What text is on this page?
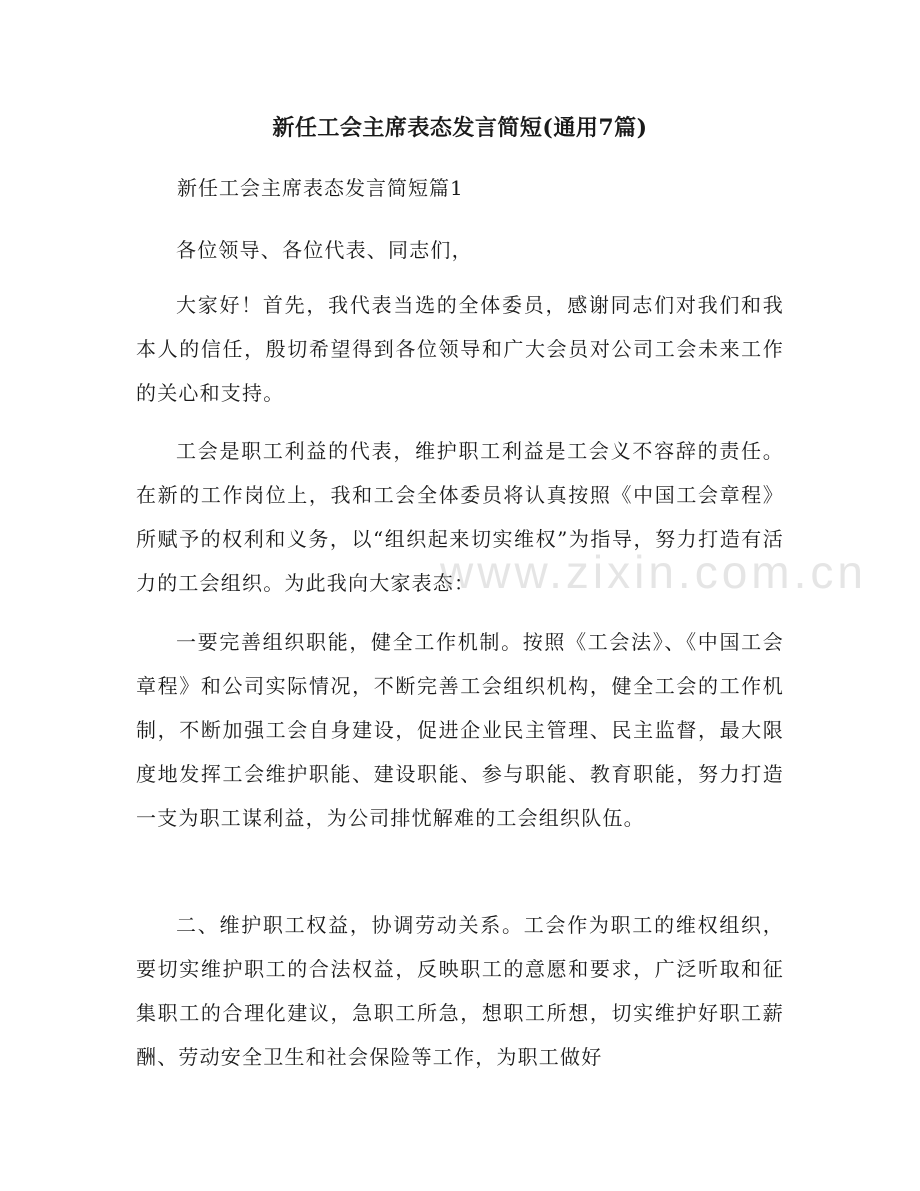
新任工会主席表态发言简短(通用7篇)
新任工会主席表态发言简短篇1

各位领导、各位代表、同志们，

大家好！首先，我代表当选的全体委员，感谢同志们对我们和我本人的信任，殷切希望得到各位领导和广大会员对公司工会未来工作的关心和支持。

工会是职工利益的代表，维护职工利益是工会义不容辞的责任。在新的工作岗位上，我和工会全体委员将认真按照《中国工会章程》所赋予的权利和义务，以“组织起来切实维权”为指导，努力打造有活力的工会组织。为此我向大家表态：

一要完善组织职能，健全工作机制。按照《工会法》、《中国工会章程》和公司实际情况，不断完善工会组织机构，健全工会的工作机制，不断加强工会自身建设，促进企业民主管理、民主监督，最大限度地发挥工会维护职能、建设职能、参与职能、教育职能，努力打造一支为职工谋利益，为公司排忧解难的工会组织队伍。

二、维护职工权益，协调劳动关系。工会作为职工的维权组织，要切实维护职工的合法权益，反映职工的意愿和要求，广泛听取和征集职工的合理化建议，急职工所急，想职工所想，切实维护好职工薪酬、劳动安全卫生和社会保险等工作，为职工做好

www.zixin.com.cn
